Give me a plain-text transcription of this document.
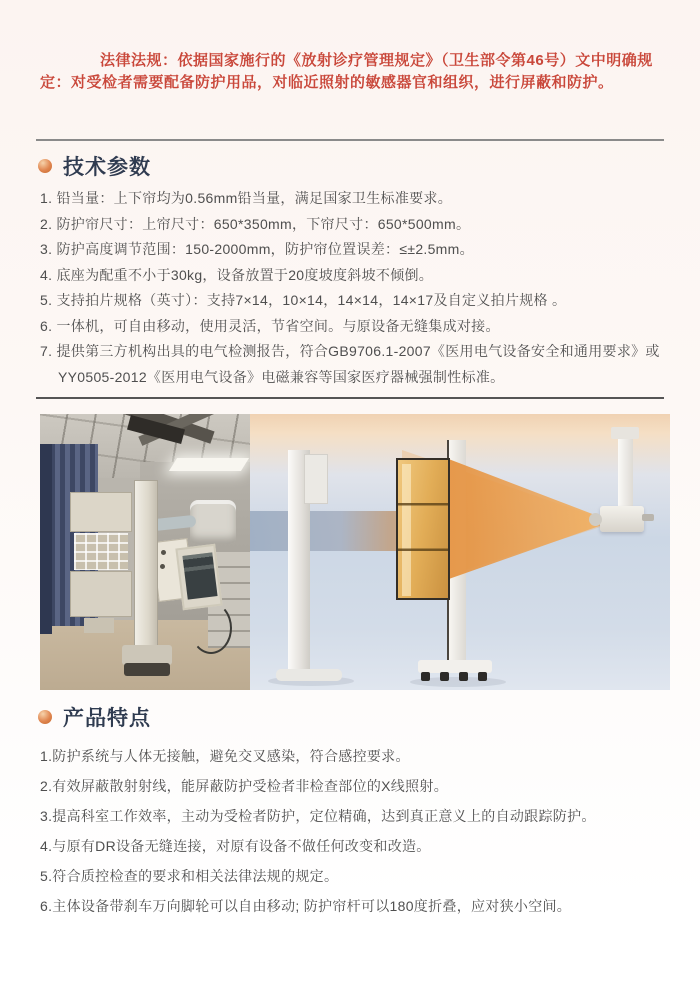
法律法规：依据国家施行的《放射诊疗管理规定》（卫生部令第46号）文中明确规定：对受检者需要配备防护用品，对临近照射的敏感器官和组织，进行屏蔽和防护。

技术参数
1. 铅当量：上下帘均为0.56mm铅当量，满足国家卫生标准要求。
2. 防护帘尺寸：上帘尺寸：650*350mm，下帘尺寸：650*500mm。
3. 防护高度调节范围：150-2000mm，防护帘位置误差：≤±2.5mm。
4. 底座为配重不小于30kg，设备放置于20度坡度斜坡不倾倒。
5. 支持拍片规格（英寸）：支持7×14，10×14，14×14，14×17及自定义拍片规格 。
6. 一体机，可自由移动，使用灵活，节省空间。与原设备无缝集成对接。
7. 提供第三方机构出具的电气检测报告，符合GB9706.1-2007《医用电气设备安全和通用要求》或YY0505-2012《医用电气设备》电磁兼容等国家医疗器械强制性标准。
产品特点
1.防护系统与人体无接触，避免交叉感染，符合感控要求。
2.有效屏蔽散射射线，能屏蔽防护受检者非检查部位的X线照射。
3.提高科室工作效率，主动为受检者防护，定位精确，达到真正意义上的自动跟踪防护。
4.与原有DR设备无缝连接，对原有设备不做任何改变和改造。
5.符合质控检查的要求和相关法律法规的规定。
6.主体设备带刹车万向脚轮可以自由移动; 防护帘杆可以180度折叠，应对狭小空间。
